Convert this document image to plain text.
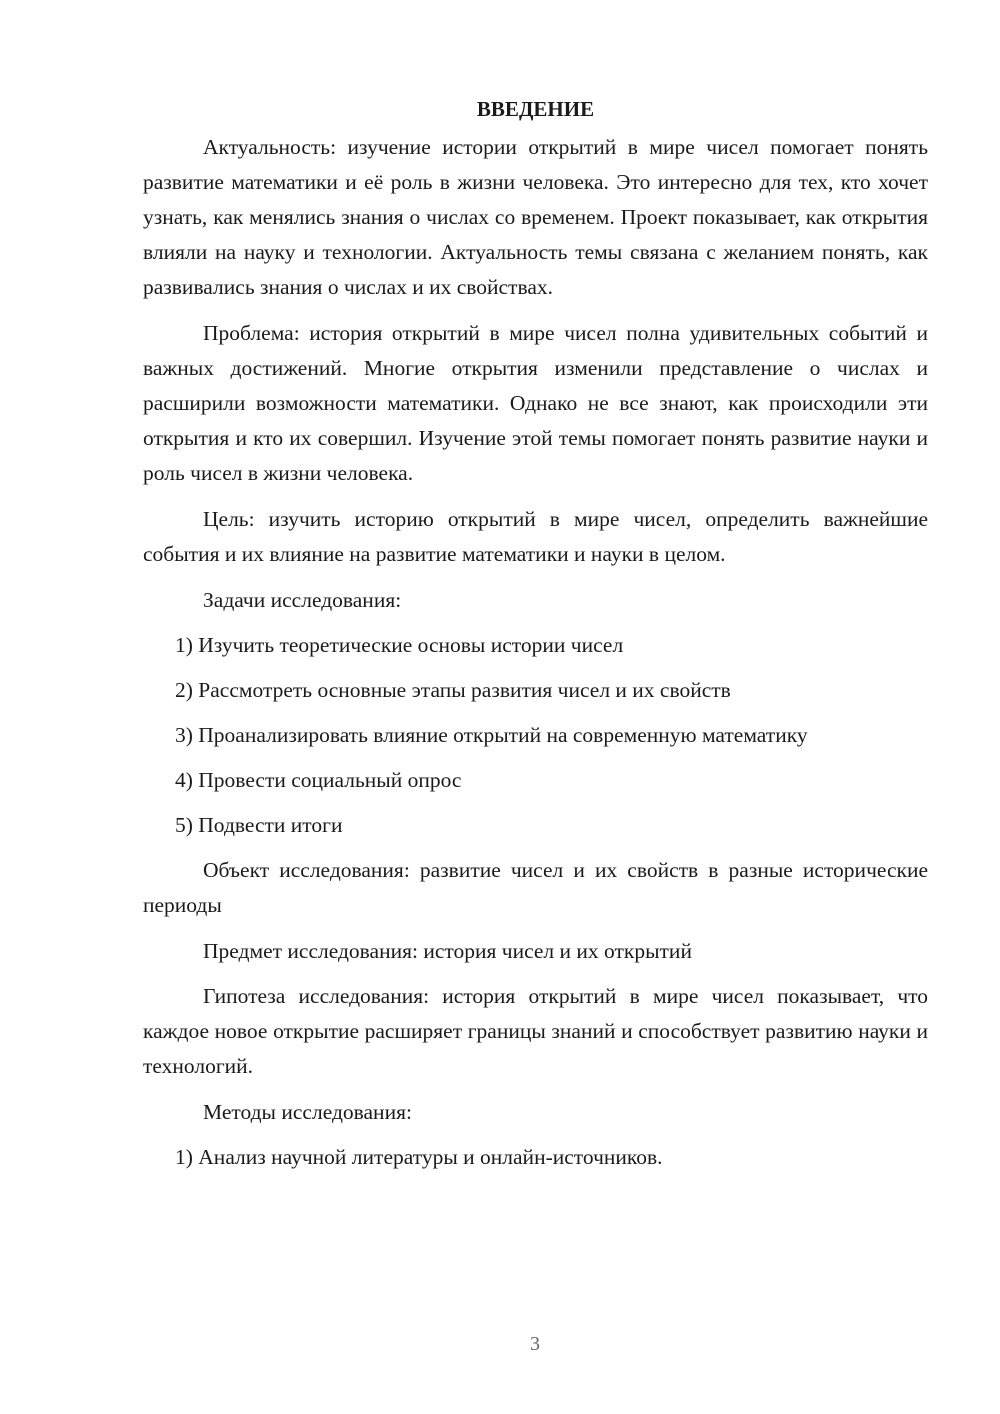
ВВЕДЕНИЕ

Актуальность: изучение истории открытий в мире чисел помогает понять развитие математики и её роль в жизни человека. Это интересно для тех, кто хочет узнать, как менялись знания о числах со временем. Проект показывает, как открытия влияли на науку и технологии. Актуальность темы связана с желанием понять, как развивались знания о числах и их свойствах.

Проблема: история открытий в мире чисел полна удивительных событий и важных достижений. Многие открытия изменили представление о числах и расширили возможности математики. Однако не все знают, как происходили эти открытия и кто их совершил. Изучение этой темы помогает понять развитие науки и роль чисел в жизни человека.

Цель: изучить историю открытий в мире чисел, определить важнейшие события и их влияние на развитие математики и науки в целом.

Задачи исследования:
1) Изучить теоретические основы истории чисел
2) Рассмотреть основные этапы развития чисел и их свойств
3) Проанализировать влияние открытий на современную математику
4) Провести социальный опрос
5) Подвести итоги

Объект исследования: развитие чисел и их свойств в разные исторические периоды

Предмет исследования: история чисел и их открытий

Гипотеза исследования: история открытий в мире чисел показывает, что каждое новое открытие расширяет границы знаний и способствует развитию науки и технологий.

Методы исследования:
1) Анализ научной литературы и онлайн-источников.
3
